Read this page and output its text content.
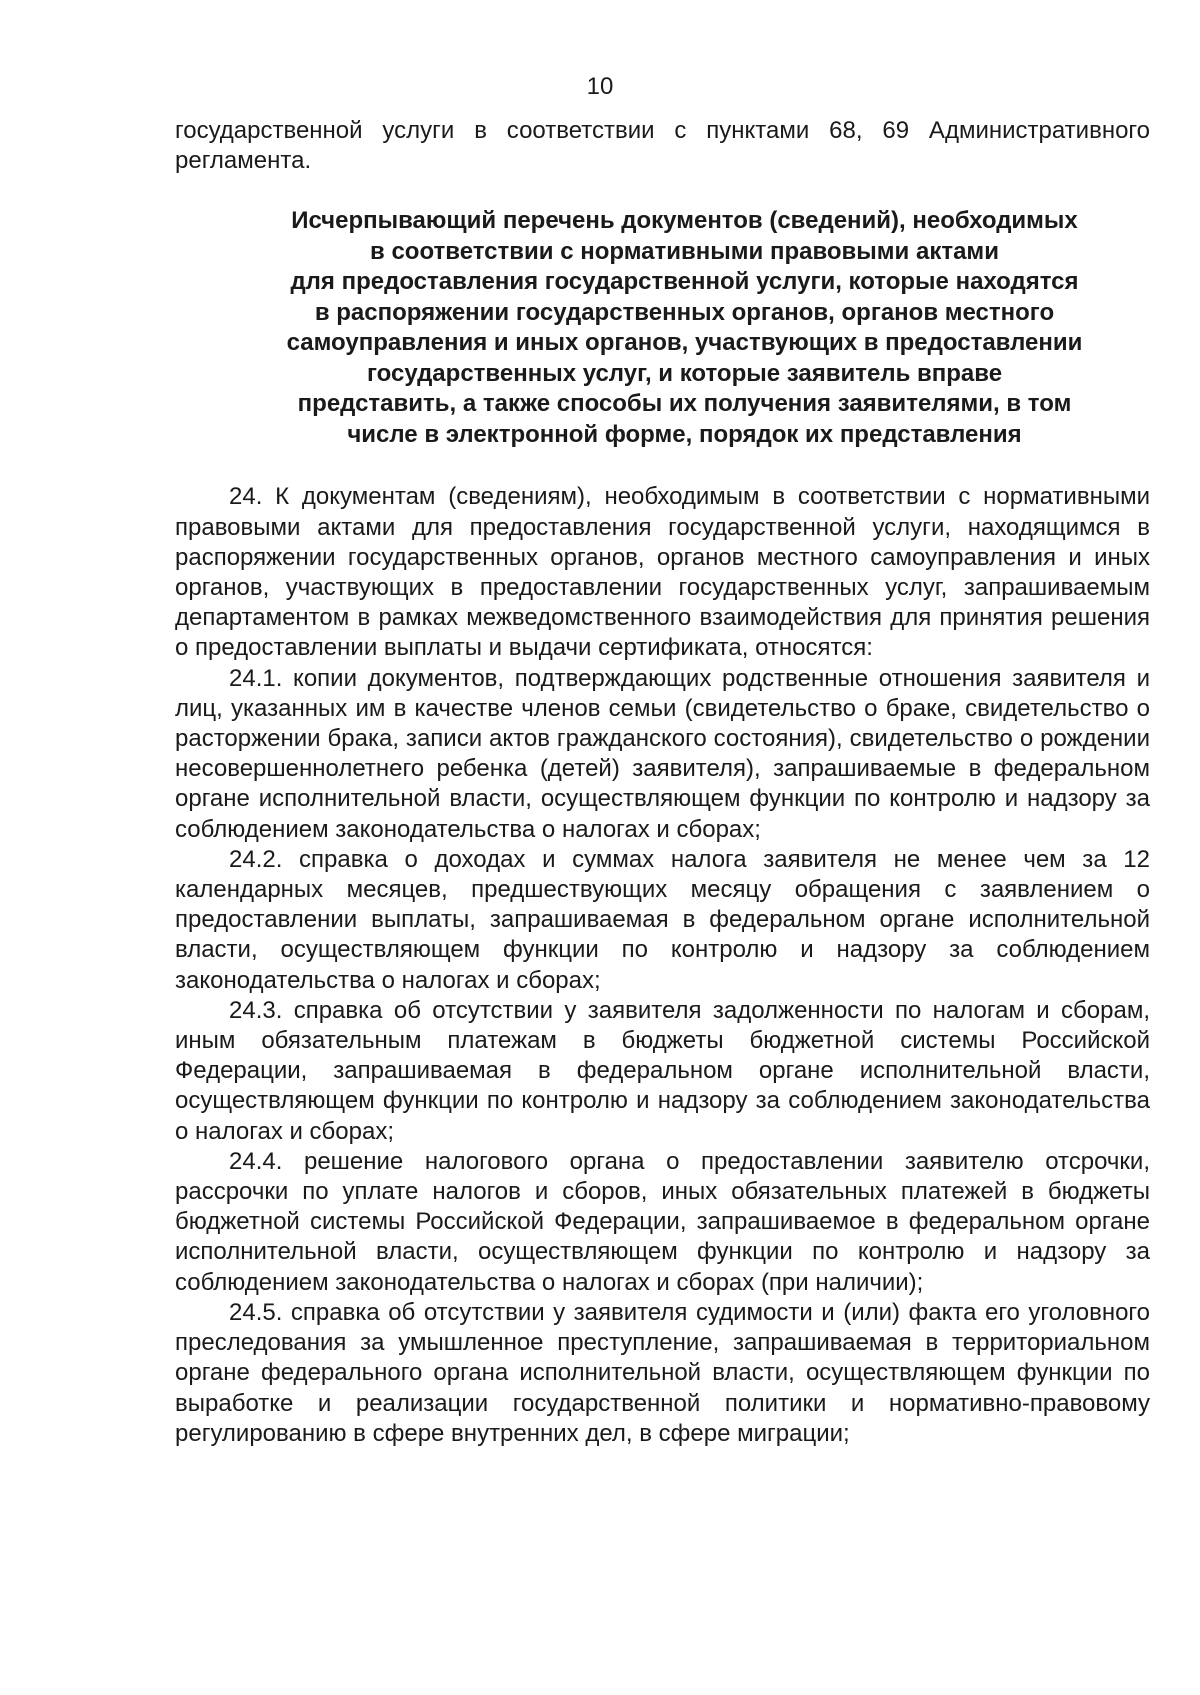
10

государственной услуги в соответствии с пунктами 68, 69 Административного регламента.

Исчерпывающий перечень документов (сведений), необходимых
в соответствии с нормативными правовыми актами
для предоставления государственной услуги, которые находятся
в распоряжении государственных органов, органов местного
самоуправления и иных органов, участвующих в предоставлении
государственных услуг, и которые заявитель вправе
представить, а также способы их получения заявителями, в том
числе в электронной форме, порядок их представления

24. К документам (сведениям), необходимым в соответствии с нормативными правовыми актами для предоставления государственной услуги, находящимся в распоряжении государственных органов, органов местного самоуправления и иных органов, участвующих в предоставлении государственных услуг, запрашиваемым департаментом в рамках межведомственного взаимодействия для принятия решения о предоставлении выплаты и выдачи сертификата, относятся:

24.1. копии документов, подтверждающих родственные отношения заявителя и лиц, указанных им в качестве членов семьи (свидетельство о браке, свидетельство о расторжении брака, записи актов гражданского состояния), свидетельство о рождении несовершеннолетнего ребенка (детей) заявителя), запрашиваемые в федеральном органе исполнительной власти, осуществляющем функции по контролю и надзору за соблюдением законодательства о налогах и сборах;

24.2. справка о доходах и суммах налога заявителя не менее чем за 12 календарных месяцев, предшествующих месяцу обращения с заявлением о предоставлении выплаты, запрашиваемая в федеральном органе исполнительной власти, осуществляющем функции по контролю и надзору за соблюдением законодательства о налогах и сборах;

24.3. справка об отсутствии у заявителя задолженности по налогам и сборам, иным обязательным платежам в бюджеты бюджетной системы Российской Федерации, запрашиваемая в федеральном органе исполнительной власти, осуществляющем функции по контролю и надзору за соблюдением законодательства о налогах и сборах;

24.4. решение налогового органа о предоставлении заявителю отсрочки, рассрочки по уплате налогов и сборов, иных обязательных платежей в бюджеты бюджетной системы Российской Федерации, запрашиваемое в федеральном органе исполнительной власти, осуществляющем функции по контролю и надзору за соблюдением законодательства о налогах и сборах (при наличии);

24.5. справка об отсутствии у заявителя судимости и (или) факта его уголовного преследования за умышленное преступление, запрашиваемая в территориальном органе федерального органа исполнительной власти, осуществляющем функции по выработке и реализации государственной политики и нормативно-правовому регулированию в сфере внутренних дел, в сфере миграции;
